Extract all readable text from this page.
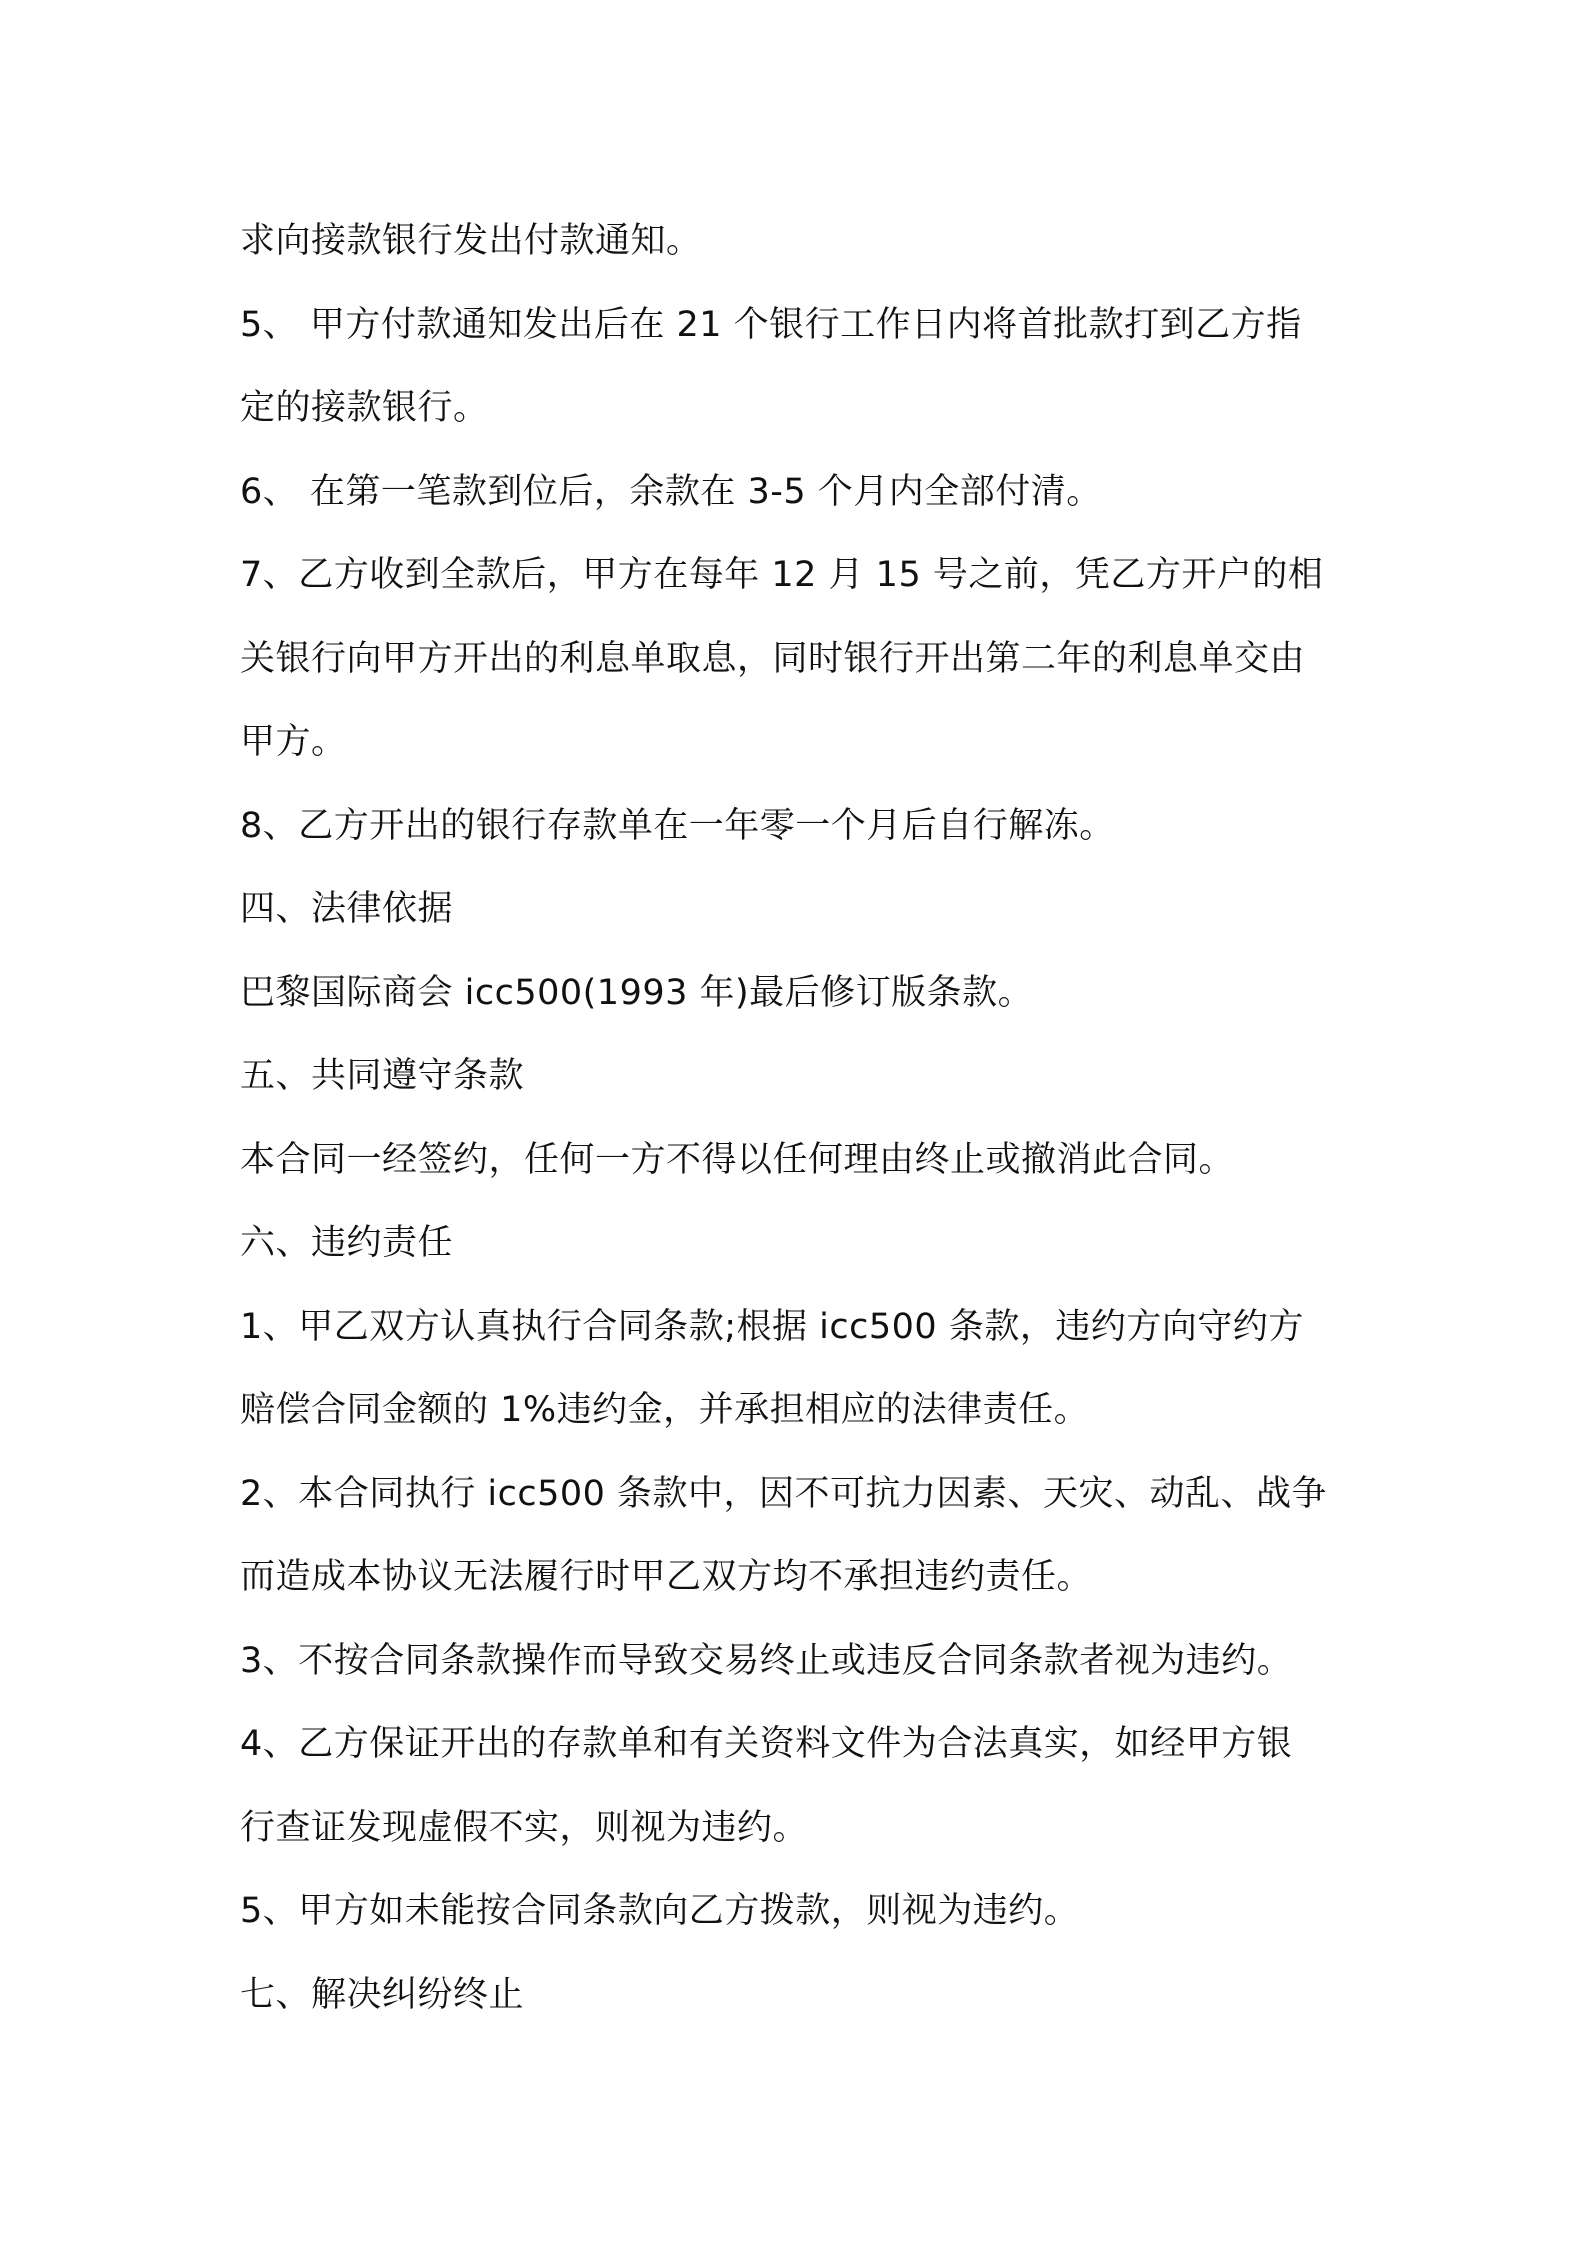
求向接款银行发出付款通知。
5、 甲方付款通知发出后在 21 个银行工作日内将首批款打到乙方指
定的接款银行。
6、 在第一笔款到位后，余款在 3-5 个月内全部付清。
7、乙方收到全款后，甲方在每年 12 月 15 号之前，凭乙方开户的相
关银行向甲方开出的利息单取息，同时银行开出第二年的利息单交由
甲方。
8、乙方开出的银行存款单在一年零一个月后自行解冻。
四、法律依据
巴黎国际商会 icc500(1993 年)最后修订版条款。
五、共同遵守条款
本合同一经签约，任何一方不得以任何理由终止或撤消此合同。
六、违约责任
1、甲乙双方认真执行合同条款;根据 icc500 条款，违约方向守约方
赔偿合同金额的 1%违约金，并承担相应的法律责任。
2、本合同执行 icc500 条款中，因不可抗力因素、天灾、动乱、战争
而造成本协议无法履行时甲乙双方均不承担违约责任。
3、不按合同条款操作而导致交易终止或违反合同条款者视为违约。
4、乙方保证开出的存款单和有关资料文件为合法真实，如经甲方银
行查证发现虚假不实，则视为违约。
5、甲方如未能按合同条款向乙方拨款，则视为违约。
七、解决纠纷终止
